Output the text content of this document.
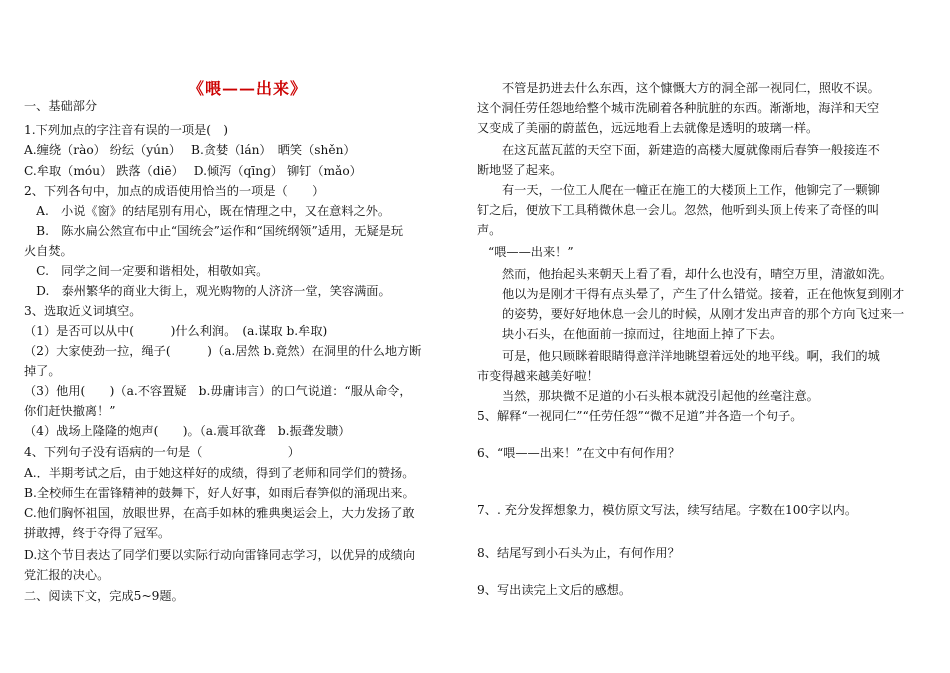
《喂——出来》
一、基础部分
1.下列加点的字注音有误的一项是(　)
A.缠绕（rào） 纷纭（yún）　 B.贪婪（lán）　晒笑（shěn）
C.牟取（móu） 跌落（diē）　 D.倾泻（qīng） 铆钉（mǎo）
2、下列各句中，加点的成语使用恰当的一项是（　　）
　A.　小说《窗》的结尾别有用心，既在情理之中，又在意料之外。
　B.　陈水扁公然宣布中止“国统会”运作和“国统纲领”适用，无疑是玩
火自焚。
　C.　同学之间一定要和谐相处，相敬如宾。
　D.　泰州繁华的商业大街上，观光购物的人济济一堂，笑容满面。
3、选取近义词填空。
（1）是否可以从中(　　　)什么利润。　(a.谋取 b.牟取)
（2）大家使劲一拉，绳子(　　　)（a.居然 b.竟然）在洞里的什么地方断
掉了。
（3）他用(　　)（a.不容置疑　b.毋庸讳言）的口气说道：“服从命令，
你们赶快撤离！”
（4）战场上隆隆的炮声(　　)。（a.震耳欲聋　b.振聋发聩）
4、下列句子没有语病的一句是（　　　　　　　）
A.．半期考试之后，由于她这样好的成绩，得到了老师和同学们的赞扬。
B.全校师生在雷锋精神的鼓舞下，好人好事，如雨后春笋似的涌现出来。
C.他们胸怀祖国，放眼世界，在高手如林的雅典奥运会上，大力发扬了敢
拼敢搏，终于夺得了冠军。
D.这个节目表达了同学们要以实际行动向雷锋同志学习，以优异的成绩向
党汇报的决心。
二、阅读下文，完成5~9题。
不管是扔进去什么东西，这个慷慨大方的洞全部一视同仁，照收不误。
这个洞任劳任怨地给整个城市洗刷着各种肮脏的东西。渐渐地，海洋和天空
又变成了美丽的蔚蓝色，远远地看上去就像是透明的玻璃一样。
在这瓦蓝瓦蓝的天空下面，新建造的高楼大厦就像雨后春笋一般接连不
断地竖了起来。
有一天，一位工人爬在一幢正在施工的大楼顶上工作，他铆完了一颗铆
钉之后，便放下工具稍微休息一会儿。忽然，他听到头顶上传来了奇怪的叫
声。
“喂——出来！”
然而，他抬起头来朝天上看了看，却什么也没有，晴空万里，清澈如洗。
他以为是刚才干得有点头晕了，产生了什么错觉。接着，正在他恢复到刚才
的姿势，要好好地休息一会儿的时候，从刚才发出声音的那个方向飞过来一
块小石头，在他面前一掠而过，往地面上掉了下去。
可是，他只顾眯着眼睛得意洋洋地眺望着远处的地平线。啊，我们的城
市变得越来越美好啦！
当然，那块微不足道的小石头根本就没引起他的丝毫注意。
5、解释“一视同仁”“任劳任怨”“微不足道”并各造一个句子。
6、“喂——出来！”在文中有何作用？
7、. 充分发挥想象力，模仿原文写法，续写结尾。字数在100字以内。
8、结尾写到小石头为止，有何作用？
9、写出读完上文后的感想。
